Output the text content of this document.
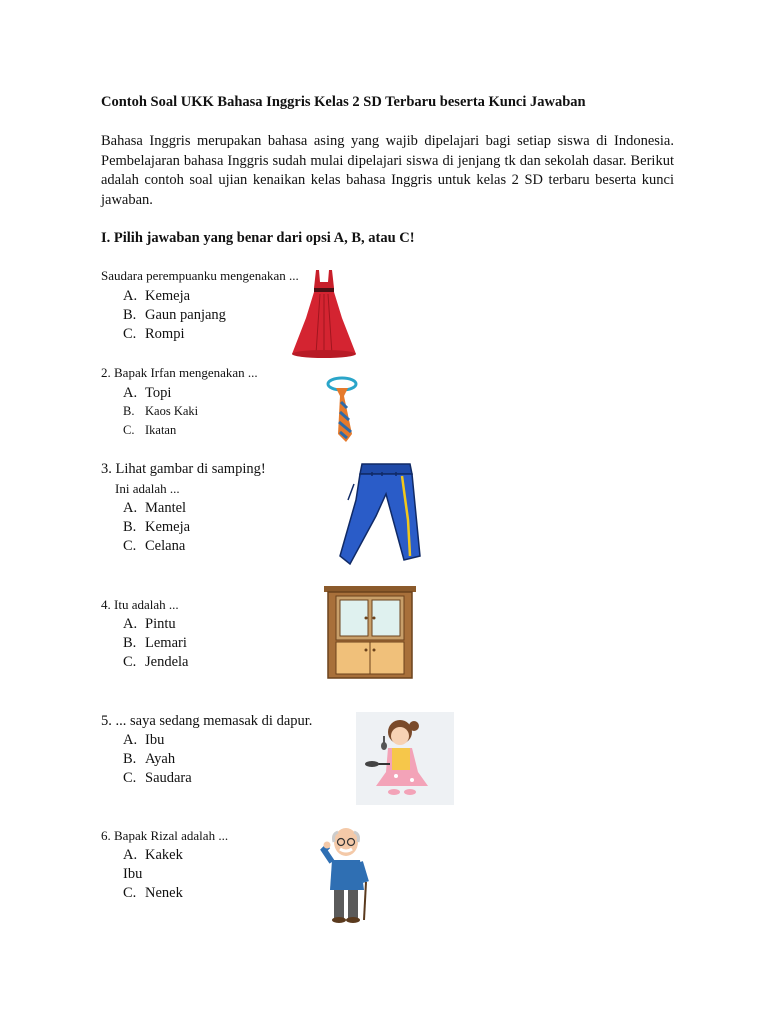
Contoh Soal UKK Bahasa Inggris Kelas 2 SD Terbaru beserta Kunci Jawaban
Bahasa Inggris merupakan bahasa asing yang wajib dipelajari bagi setiap siswa di Indonesia. Pembelajaran bahasa Inggris sudah mulai dipelajari siswa di jenjang tk dan sekolah dasar. Berikut adalah contoh soal ujian kenaikan kelas bahasa Inggris untuk kelas 2 SD terbaru beserta kunci jawaban.
I. Pilih jawaban yang benar dari opsi A, B, atau C!
Saudara perempuanku mengenakan ...
A. Kemeja
B. Gaun panjang
C. Rompi
2. Bapak Irfan mengenakan ...
A. Topi
B. Kaos Kaki
C. Ikatan
3. Lihat gambar di samping!
Ini adalah ...
A. Mantel
B. Kemeja
C. Celana
4. Itu adalah ...
A. Pintu
B. Lemari
C. Jendela
5. ... saya sedang memasak di dapur.
A. Ibu
B. Ayah
C. Saudara
6. Bapak Rizal adalah ...
A. Kakek
Ibu
C. Nenek
